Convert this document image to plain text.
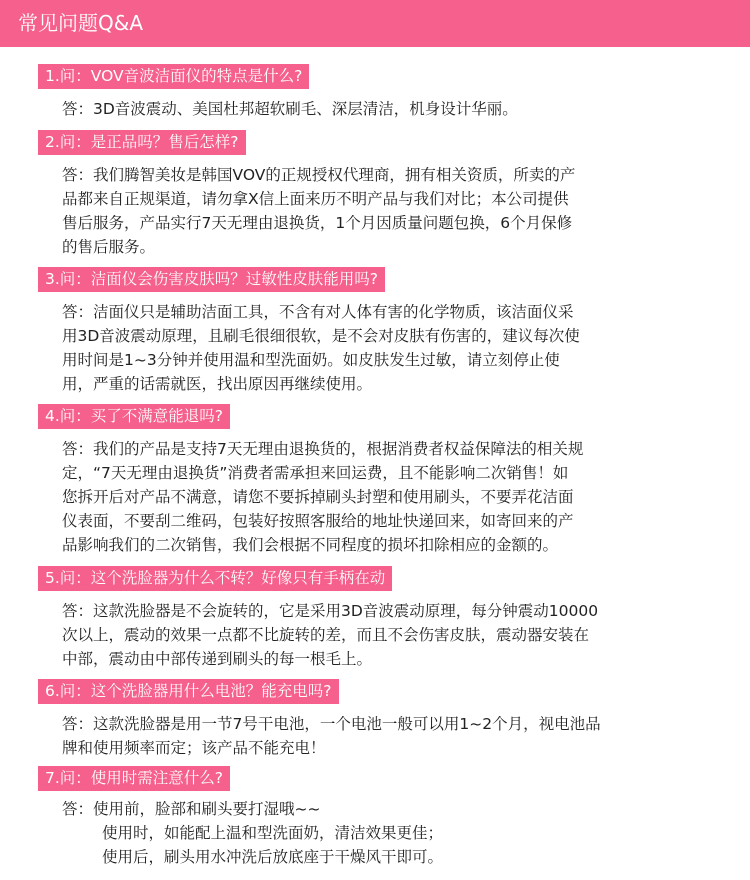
常见问题Q&A
1.问：VOV音波洁面仪的特点是什么?
答：3D音波震动、美国杜邦超软刷毛、深层清洁，机身设计华丽。
2.问：是正品吗？售后怎样?
答：我们腾智美妆是韩国VOV的正规授权代理商，拥有相关资质，所卖的产
品都来自正规渠道，请勿拿X信上面来历不明产品与我们对比；本公司提供
售后服务，产品实行7天无理由退换货，1个月因质量问题包换，6个月保修
的售后服务。
3.问：洁面仪会伤害皮肤吗？过敏性皮肤能用吗?
答：洁面仪只是辅助洁面工具，不含有对人体有害的化学物质，该洁面仪采
用3D音波震动原理，且刷毛很细很软，是不会对皮肤有伤害的，建议每次使
用时间是1~3分钟并使用温和型洗面奶。如皮肤发生过敏，请立刻停止使
用，严重的话需就医，找出原因再继续使用。
4.问：买了不满意能退吗?
答：我们的产品是支持7天无理由退换货的，根据消费者权益保障法的相关规
定，“7天无理由退换货”消费者需承担来回运费，且不能影响二次销售！如
您拆开后对产品不满意，请您不要拆掉刷头封塑和使用刷头，不要弄花洁面
仪表面，不要刮二维码，包装好按照客服给的地址快递回来，如寄回来的产
品影响我们的二次销售，我们会根据不同程度的损坏扣除相应的金额的。
5.问：这个洗脸器为什么不转？好像只有手柄在动
答：这款洗脸器是不会旋转的，它是采用3D音波震动原理，每分钟震动10000
次以上，震动的效果一点都不比旋转的差，而且不会伤害皮肤，震动器安装在
中部，震动由中部传递到刷头的每一根毛上。
6.问：这个洗脸器用什么电池？能充电吗?
答：这款洗脸器是用一节7号干电池，一个电池一般可以用1~2个月，视电池品
牌和使用频率而定；该产品不能充电！
7.问：使用时需注意什么?
答：使用前，脸部和刷头要打湿哦~~
使用时，如能配上温和型洗面奶，清洁效果更佳；
使用后，刷头用水冲洗后放底座于干燥风干即可。
